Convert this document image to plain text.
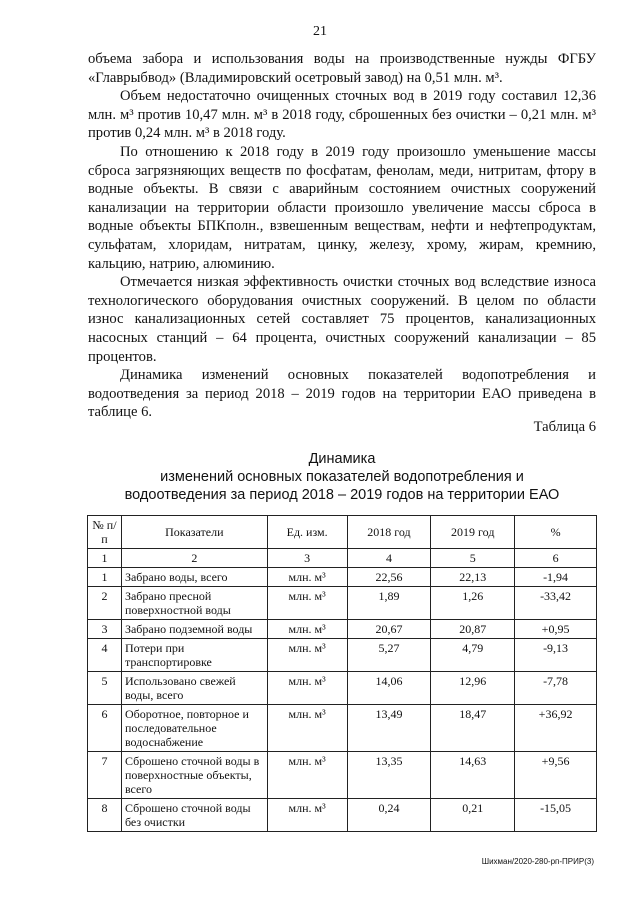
21

объема забора и использования воды на производственные нужды ФГБУ «Главрыбвод» (Владимировский осетровый завод) на 0,51 млн. м³.

Объем недостаточно очищенных сточных вод в 2019 году составил 12,36 млн. м³ против 10,47 млн. м³ в 2018 году, сброшенных без очистки – 0,21 млн. м³ против 0,24 млн. м³ в 2018 году.

По отношению к 2018 году в 2019 году произошло уменьшение массы сброса загрязняющих веществ по фосфатам, фенолам, меди, нитритам, фтору в водные объекты. В связи с аварийным состоянием очистных сооружений канализации на территории области произошло увеличение массы сброса в водные объекты БПКполн., взвешенным веществам, нефти и нефтепродуктам, сульфатам, хлоридам, нитратам, цинку, железу, хрому, жирам, кремнию, кальцию, натрию, алюминию.

Отмечается низкая эффективность очистки сточных вод вследствие износа технологического оборудования очистных сооружений. В целом по области износ канализационных сетей составляет 75 процентов, канализационных насосных станций – 64 процента, очистных сооружений канализации – 85 процентов.

Динамика изменений основных показателей водопотребления и водоотведения за период 2018 – 2019 годов на территории ЕАО приведена в таблице 6.

Таблица 6
Динамика
изменений основных показателей водопотребления и
водоотведения за период 2018 – 2019 годов на территории ЕАО
№ п/п	Показатели	Ед. изм.	2018 год	2019 год	%
1	2	3	4	5	6
1	Забрано воды, всего	млн. м³	22,56	22,13	-1,94
2	Забрано пресной поверхностной воды	млн. м³	1,89	1,26	-33,42
3	Забрано подземной воды	млн. м³	20,67	20,87	+0,95
4	Потери при транспортировке	млн. м³	5,27	4,79	-9,13
5	Использовано свежей воды, всего	млн. м³	14,06	12,96	-7,78
6	Оборотное, повторное и последовательное водоснабжение	млн. м³	13,49	18,47	+36,92
7	Сброшено сточной воды в поверхностные объекты, всего	млн. м³	13,35	14,63	+9,56
8	Сброшено сточной воды без очистки	млн. м³	0,24	0,21	-15,05
Шихман/2020-280-рп-ПРИР(3)
